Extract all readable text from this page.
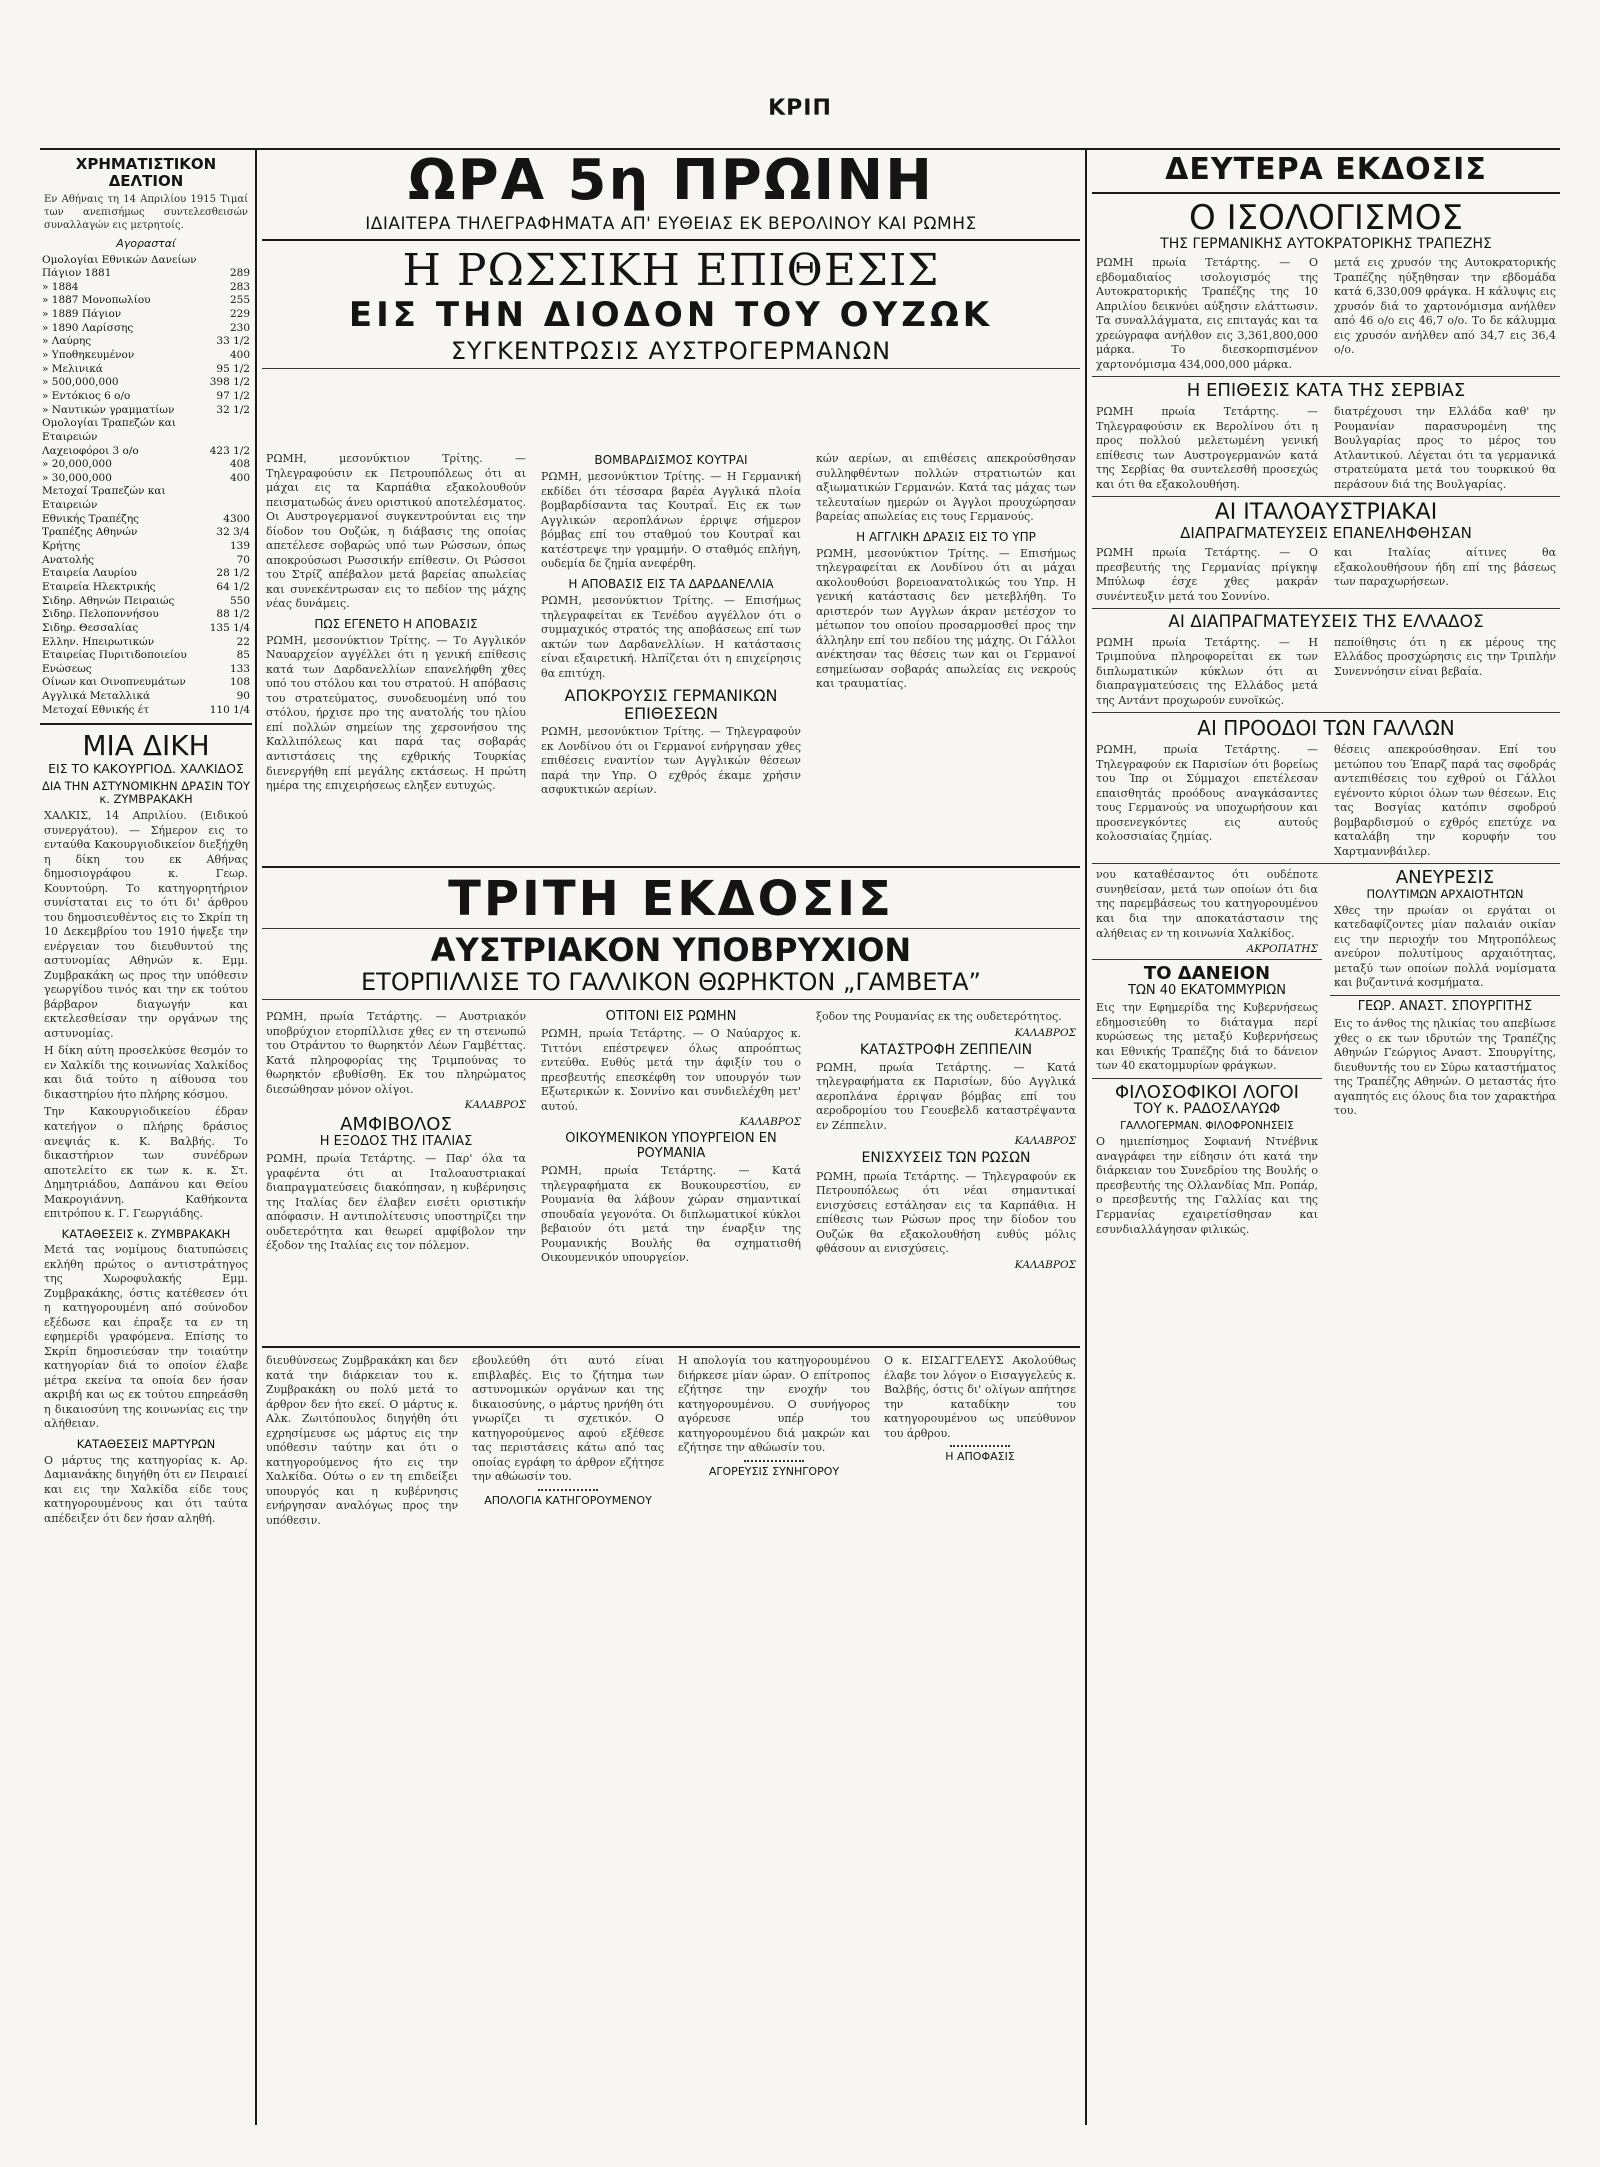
ΚΡΙΠ
ΧΡΗΜΑΤΙΣΤΙΚΟΝ ΔΕΛΤΙΟΝ
Εν Αθήναις τη 14 Απριλίου 1915 Τιμαί των ανεπισήμως συντελεσθεισών συναλλαγών εις μετρητοίς.
Αγορασταί
Ομολογίαι Εθνικών Δανείων	
Πάγιον 1881	289
» 1884	283
» 1887 Μονοπωλίου	255
» 1889 Πάγιον	229
» 1890 Λαρίσσης	230
» Λαύρης	33 1/2
» Υποθηκευμένον	400
» Μελινικά	95 1/2
» 500,000,000	398 1/2
» Εντόκιος 6 ο/ο	97 1/2
» Ναυτικών γραμματίων	32 1/2
Ομολογίαι Τραπεζών και Εταιρειών	
Λαχειοφόροι 3 ο/ο	423 1/2
» 20,000,000	408
» 30,000,000	400
Μετοχαί Τραπεζών και Εταιρειών	
Εθνικής Τραπέζης	4300
Τραπέζης Αθηνών	32 3/4
Κρήτης	139
Ανατολής	70
Εταιρεία Λαυρίου	28 1/2
Εταιρεία Ηλεκτρικής	64 1/2
Σιδηρ. Αθηνών Πειραιώς	550
Σιδηρ. Πελοποννήσου	88 1/2
Σιδηρ. Θεσσαλίας	135 1/4
Ελλην. Ηπειρωτικών	22
Εταιρείας Πυριτιδοποιείου	85
Ενώσεως	133
Οίνων και Οινοπνευμάτων	108
Αγγλικά Μεταλλικά	90
Μετοχαί Εθνικής έτ	110 1/4
ΜΙΑ ΔΙΚΗ
ΕΙΣ ΤΟ ΚΑΚΟΥΡΓΙΟΔ. ΧΑΛΚΙΔΟΣ
ΔΙΑ ΤΗΝ ΑΣΤΥΝΟΜΙΚΗΝ ΔΡΑΣΙΝ ΤΟΥ κ. ΖΥΜΒΡΑΚΑΚΗ
ΧΑΛΚΙΣ, 14 Απριλίου. (Ειδικού συνεργάτου). — Σήμερον εις το ενταύθα Κακουργιοδικείον διεξήχθη η δίκη του εκ Αθήνας δημοσιογράφου κ. Γεωρ. Κουντούρη. Το κατηγορητήριον συνίσταται εις το ότι δι' άρθρου του δημοσιευθέντος εις το Σκρίπ τη 10 Δεκεμβρίου του 1910 ήψεξε την ενέργειαν του διευθυντού της αστυνομίας Αθηνών κ. Εμμ. Ζυμβρακάκη ως προς την υπόθεσιν γεωργίδου τινός και την εκ τούτου βάρβαρον διαγωγήν και εκτελεσθείσαν την οργάνων της αστυνομίας.
Η δίκη αύτη προσελκύσε θεσμόν το εν Χαλκίδι της κοινωνίας Χαλκίδος και διά τούτο η αίθουσα του δικαστηρίου ήτο πλήρης κόσμου.
Την Κακουργιοδικείου έδραν κατεήγον ο πλήρης δράσιος ανεψιάς κ. Κ. Βαλβής. Το δικαστήριον των συνέδρων αποτελείτο εκ των κ. κ. Στ. Δημητριάδου, Δαπάνου και Θείου Μακρογιάννη. Καθήκοντα επιτρόπου κ. Γ. Γεωργιάδης.
ΚΑΤΑΘΕΣΕΙΣ κ. ΖΥΜΒΡΑΚΑΚΗ
Μετά τας νομίμους διατυπώσεις εκλήθη πρώτος ο αντιστράτηγος της Χωροφυλακής Εμμ. Ζυμβρακάκης, όστις κατέθεσεν ότι η κατηγορουμένη από σούνοδον εξέδωσε και έπραξε τα εν τη εφημερίδι γραφόμενα. Επίσης το Σκρίπ δημοσιεύσαν την τοιαύτην κατηγορίαν διά το οποίον έλαβε μέτρα εκείνα τα οποία δεν ήσαν ακριβή και ως εκ τούτου επηρεάσθη η δικαιοσύνη της κοινωνίας εις την αλήθειαν.
ΚΑΤΑΘΕΣΕΙΣ ΜΑΡΤΥΡΩΝ
Ο μάρτυς της κατηγορίας κ. Αρ. Δαμιανάκης διηγήθη ότι εν Πειραιεί και εις την Χαλκίδα είδε τους κατηγορουμένους και ότι ταύτα απέδειξεν ότι δεν ήσαν αληθή.
ΩΡΑ 5η ΠΡΩΙΝΗ
ΙΔΙΑΙΤΕΡΑ ΤΗΛΕΓΡΑΦΗΜΑΤΑ ΑΠ' ΕΥΘΕΙΑΣ ΕΚ ΒΕΡΟΛΙΝΟΥ ΚΑΙ ΡΩΜΗΣ
Η ΡΩΣΣΙΚΗ ΕΠΙΘΕΣΙΣ
ΕΙΣ ΤΗΝ ΔΙΟΔΟΝ ΤΟΥ ΟΥΖΩΚ
ΣΥΓΚΕΝΤΡΩΣΙΣ ΑΥΣΤΡΟΓΕΡΜΑΝΩΝ
ΡΩΜΗ, μεσονύκτιον Τρίτης. — Τηλεγραφούσιν εκ Πετρουπόλεως ότι αι μάχαι εις τα Καρπάθια εξακολουθούν πεισματωδώς άνευ οριστικού αποτελέσματος. Οι Αυστρογερμανοί συγκεντρούνται εις την δίοδον του Ουζώκ, η διάβασις της οποίας απετέλεσε σοβαρώς υπό των Ρώσσων, όπως αποκρούσωσι Ρωσσικήν επίθεσιν. Οι Ρώσσοι του Στρίζ απέβαλον μετά βαρείας απωλείας και συνεκέντρωσαν εις το πεδίον της μάχης νέας δυνάμεις.
ΠΩΣ ΕΓΕΝΕΤΟ Η ΑΠΟΒΑΣΙΣ
ΡΩΜΗ, μεσονύκτιον Τρίτης. — Το Αγγλικόν Ναυαρχείον αγγέλλει ότι η γενική επίθεσις κατά των Δαρδανελλίων επανελήφθη χθες υπό του στόλου και του στρατού. Η απόβασις του στρατεύματος, συνοδευομένη υπό του στόλου, ήρχισε προ της ανατολής του ηλίου επί πολλών σημείων της χερσονήσου της Καλλιπόλεως και παρά τας σοβαράς αντιστάσεις της εχθρικής Τουρκίας διενεργήθη επί μεγάλης εκτάσεως. Η πρώτη ημέρα της επιχειρήσεως εληξεν ευτυχώς.
ΒΟΜΒΑΡΔΙΣΜΟΣ ΚΟΥΤΡΑΙ
ΡΩΜΗ, μεσονύκτιον Τρίτης. — Η Γερμανική εκδίδει ότι τέσσαρα βαρέα Αγγλικά πλοία βομβαρδίσαντα τας Κουτραΐ. Εις εκ των Αγγλικών αεροπλάνων έρριψε σήμερον βόμβας επί του σταθμού του Κουτραΐ και κατέστρεψε την γραμμήν. Ο σταθμός επλήγη, ουδεμία δε ζημία ανεφέρθη.
Η ΑΠΟΒΑΣΙΣ ΕΙΣ ΤΑ ΔΑΡΔΑΝΕΛΛΙΑ
ΡΩΜΗ, μεσονύκτιον Τρίτης. — Επισήμως τηλεγραφείται εκ Τενέδου αγγέλλον ότι ο συμμαχικός στρατός της αποβάσεως επί των ακτών των Δαρδανελλίων. Η κατάστασις είναι εξαιρετική. Ηλπίζεται ότι η επιχείρησις θα επιτύχη.
ΑΠΟΚΡΟΥΣΙΣ ΓΕΡΜΑΝΙΚΩΝ ΕΠΙΘΕΣΕΩΝ
ΡΩΜΗ, μεσονύκτιον Τρίτης. — Τηλεγραφούν εκ Λονδίνου ότι οι Γερμανοί ενήργησαν χθες επιθέσεις εναντίον των Αγγλικών θέσεων παρά την Υπρ. Ο εχθρός έκαμε χρήσιν ασφυκτικών αερίων.
κών αερίων, αι επιθέσεις απεκρούσθησαν συλληφθέντων πολλών στρατιωτών και αξιωματικών Γερμανών. Κατά τας μάχας των τελευταίων ημερών οι Άγγλοι προυχώρησαν βαρείας απωλείας εις τους Γερμανούς.
Η ΑΓΓΛΙΚΗ ΔΡΑΣΙΣ ΕΙΣ ΤΟ ΥΠΡ
ΡΩΜΗ, μεσονύκτιον Τρίτης. — Επισήμως τηλεγραφείται εκ Λονδίνου ότι αι μάχαι ακολουθούσι βορειοανατολικώς του Υπρ. Η γενική κατάστασις δεν μετεβλήθη. Το αριστερόν των Αγγλων άκραν μετέσχον το μέτωπον του οποίου προσαρμοσθεί προς την άλληλην επί του πεδίου της μάχης. Οι Γάλλοι ανέκτησαν τας θέσεις των και οι Γερμανοί εσημείωσαν σοβαράς απωλείας εις νεκρούς και τραυματίας.
ΤΡΙΤΗ ΕΚΔΟΣΙΣ
ΑΥΣΤΡΙΑΚΟΝ ΥΠΟΒΡΥΧΙΟΝ
ΕΤΟΡΠΙΛΛΙΣΕ ΤΟ ΓΑΛΛΙΚΟΝ ΘΩΡΗΚΤΟΝ „ΓΑΜΒΕΤΑ”
ΡΩΜΗ, πρωία Τετάρτης. — Αυστριακόν υποβρύχιον ετορπίλλισε χθες εν τη στενωπώ του Οτράντου το θωρηκτόν Λέων Γαμβέττας. Κατά πληροφορίας της Τριμπούνας το θωρηκτόν εβυθίσθη. Εκ του πληρώματος διεσώθησαν μόνον ολίγοι.
ΚΑΛΑΒΡΟΣ
ΑΜΦΙΒΟΛΟΣ
Η ΕΞΟΔΟΣ ΤΗΣ ΙΤΑΛΙΑΣ
ΡΩΜΗ, πρωία Τετάρτης. — Παρ' όλα τα γραφέντα ότι αι Ιταλοαυστριακαί διαπραγματεύσεις διακόπησαν, η κυβέρνησις της Ιταλίας δεν έλαβεν εισέτι οριστικήν απόφασιν. Η αντιπολίτευσις υποστηρίζει την ουδετερότητα και θεωρεί αμφίβολον την έξοδον της Ιταλίας εις τον πόλεμον.
ΟΤΙΤΟΝΙ ΕΙΣ ΡΩΜΗΝ
ΡΩΜΗ, πρωία Τετάρτης. — Ο Ναύαρχος κ. Τιττόνι επέστρεψεν όλως απροόπτως εντεύθα. Ευθύς μετά την άφιξίν του ο πρεσβευτής επεσκέφθη τον υπουργόν των Εξωτερικών κ. Σοννίνο και συνδιελέχθη μετ' αυτού.
ΚΑΛΑΒΡΟΣ
ΟΙΚΟΥΜΕΝΙΚΟΝ ΥΠΟΥΡΓΕΙΟΝ ΕΝ ΡΟΥΜΑΝΙΑ
ΡΩΜΗ, πρωία Τετάρτης. — Κατά τηλεγραφήματα εκ Βουκουρεστίου, εν Ρουμανία θα λάβουν χώραν σημαντικαί σπουδαία γεγονότα. Οι διπλωματικοί κύκλοι βεβαιούν ότι μετά την έναρξιν της Ρουμανικής Βουλής θα σχηματισθή Οικουμενικόν υπουργείον.
ξοδον της Ρουμανίας εκ της ουδετερότητος.
ΚΑΛΑΒΡΟΣ
ΚΑΤΑΣΤΡΟΦΗ ΖΕΠΠΕΛΙΝ
ΡΩΜΗ, πρωία Τετάρτης. — Κατά τηλεγραφήματα εκ Παρισίων, δύο Αγγλικά αεροπλάνα έρριψαν βόμβας επί του αεροδρομίου του Γεουεβελδ καταστρέψαντα εν Ζέππελιν.
ΚΑΛΑΒΡΟΣ
ΕΝΙΣΧΥΣΕΙΣ ΤΩΝ ΡΩΣΩΝ
ΡΩΜΗ, πρωία Τετάρτης. — Τηλεγραφούν εκ Πετρουπόλεως ότι νέαι σημαντικαί ενισχύσεις εστάλησαν εις τα Καρπάθια. Η επίθεσις των Ρώσων προς την δίοδον του Ουζώκ θα εξακολουθήση ευθύς μόλις φθάσουν αι ενισχύσεις.
ΚΑΛΑΒΡΟΣ
διευθύνσεως Ζυμβρακάκη και δεν κατά την διάρκειαν του κ. Ζυμβρακάκη ου πολύ μετά το άρθρον δεν ήτο εκεί. Ο μάρτυς κ. Αλκ. Ζωιτόπουλος διηγήθη ότι εχρησίμευσε ως μάρτυς εις την υπόθεσιν ταύτην και ότι ο κατηγορούμενος ήτο εις την Χαλκίδα. Ούτω ο εν τη επιδείξει υπουργός και η κυβέρνησις ενήργησαν αναλόγως προς την υπόθεσιν.
εβουλεύθη ότι αυτό είναι επιβλαβές. Εις το ζήτημα των αστυνομικών οργάνων και της δικαιοσύνης, ο μάρτυς ηρνήθη ότι γνωρίζει τι σχετικόν. Ο κατηγορούμενος αφού εξέθεσε τας περιστάσεις κάτω από τας οποίας εγράφη το άρθρον εζήτησε την αθώωσίν του.
ΑΠΟΛΟΓΙΑ ΚΑΤΗΓΟΡΟΥΜΕΝΟΥ
Η απολογία του κατηγορουμένου διήρκεσε μίαν ώραν. Ο επίτροπος εζήτησε την ενοχήν του κατηγορουμένου. Ο συνήγορος αγόρευσε υπέρ του κατηγορουμένου διά μακρών και εζήτησε την αθώωσίν του.
ΑΓΟΡΕΥΣΙΣ ΣΥΝΗΓΟΡΟΥ
Ο κ. ΕΙΣΑΓΓΕΛΕΥΣ Ακολούθως έλαβε τον λόγον ο Εισαγγελεύς κ. Βαλβής, όστις δι' ολίγων απήτησε την καταδίκην του κατηγορουμένου ως υπεύθυνον του άρθρου.
Η ΑΠΟΦΑΣΙΣ
ΔΕΥΤΕΡΑ ΕΚΔΟΣΙΣ
Ο ΙΣΟΛΟΓΙΣΜΟΣ
ΤΗΣ ΓΕΡΜΑΝΙΚΗΣ ΑΥΤΟΚΡΑΤΟΡΙΚΗΣ ΤΡΑΠΕΖΗΣ
ΡΩΜΗ πρωία Τετάρτης. — Ο εβδομαδιαίος ισολογισμός της Αυτοκρατορικής Τραπέζης της 10 Απριλίου δεικνύει αύξησιν ελάττωσιν. Τα συναλλάγματα, εις επιταγάς και τα χρεώγραφα ανήλθον εις 3,361,800,000 μάρκα. Το διεσκορπισμένον χαρτονόμισμα 434,000,000 μάρκα.
μετά εις χρυσόν της Αυτοκρατορικής Τραπέζης ηύξηθησαν την εβδομάδα κατά 6,330,009 φράγκα. Η κάλυψις εις χρυσόν διά το χαρτονόμισμα ανήλθεν από 46 ο/ο εις 46,7 ο/ο. Το δε κάλυμμα εις χρυσόν ανήλθεν από 34,7 εις 36,4 ο/ο.
Η ΕΠΙΘΕΣΙΣ ΚΑΤΑ ΤΗΣ ΣΕΡΒΙΑΣ
ΡΩΜΗ πρωία Τετάρτης. — Τηλεγραφούσιν εκ Βερολίνου ότι η προς πολλού μελετωμένη γενική επίθεσις των Αυστρογερμανών κατά της Σερβίας θα συντελεσθή προσεχώς και ότι θα εξακολουθήση.
διατρέχουσι την Ελλάδα καθ' ην Ρουμανίαν παρασυρομένη της Βουλγαρίας προς το μέρος του Ατλαντικού. Λέγεται ότι τα γερμανικά στρατεύματα μετά του τουρκικού θα περάσουν διά της Βουλγαρίας.
ΑΙ ΙΤΑΛΟΑΥΣΤΡΙΑΚΑΙ
ΔΙΑΠΡΑΓΜΑΤΕΥΣΕΙΣ ΕΠΑΝΕΛΗΦΘΗΣΑΝ
ΡΩΜΗ πρωία Τετάρτης. — Ο πρεσβευτής της Γερμανίας πρίγκηψ Μπύλωφ έσχε χθες μακράν συνέντευξιν μετά του Σοννίνο.
και Ιταλίας αίτινες θα εξακολουθήσουν ήδη επί της βάσεως των παραχωρήσεων.
ΑΙ ΔΙΑΠΡΑΓΜΑΤΕΥΣΕΙΣ ΤΗΣ ΕΛΛΑΔΟΣ
ΡΩΜΗ πρωία Τετάρτης. — Η Τριμπούνα πληροφορείται εκ των διπλωματικών κύκλων ότι αι διαπραγματεύσεις της Ελλάδος μετά της Αντάντ προχωρούν ευνοϊκώς.
πεποίθησις ότι η εκ μέρους της Ελλάδος προσχώρησις εις την Τριπλήν Συνεννόησιν είναι βεβαία.
ΑΙ ΠΡΟΟΔΟΙ ΤΩΝ ΓΑΛΛΩΝ
ΡΩΜΗ, πρωία Τετάρτης. — Τηλεγραφούν εκ Παρισίων ότι βορείως του Ίπρ οι Σύμμαχοι επετέλεσαν επαισθητάς προόδους αναγκάσαντες τους Γερμανούς να υποχωρήσουν και προσενεγκόντες εις αυτούς κολοσσιαίας ζημίας.
θέσεις απεκρούσθησαν. Επί του μετώπου του Έπαρζ παρά τας σφοδράς αντεπιθέσεις του εχθρού οι Γάλλοι εγένοντο κύριοι όλων των θέσεων. Εις τας Βοσγίας κατόπιν σφοδρού βομβαρδισμού ο εχθρός επετύχε να καταλάβη την κορυφήν του Χαρτμαννβάιλερ.
νου καταθέσαντος ότι ουδέποτε συνηθείσαν, μετά των οποίων ότι δια της παρεμβάσεως του κατηγορουμένου και δια την αποκατάστασιν της αλήθειας εν τη κοινωνία Χαλκίδος.
ΑΚΡΟΠΑΤΗΣ
ΤΟ ΔΑΝΕΙΟΝ
ΤΩΝ 40 ΕΚΑΤΟΜΜΥΡΙΩΝ
Εις την Εφημερίδα της Κυβερνήσεως εδημοσιεύθη το διάταγμα περί κυρώσεως της μεταξύ Κυβερνήσεως και Εθνικής Τραπέζης διά το δάνειον των 40 εκατομμυρίων φράγκων.
ΦΙΛΟΣΟΦΙΚΟΙ ΛΟΓΟΙ
ΤΟΥ κ. ΡΑΔΟΣΛΑΥΩΦ
ΓΑΛΛΟΓΕΡΜΑΝ. ΦΙΛΟΦΡΟΝΗΣΕΙΣ
Ο ημιεπίσημος Σοφιανή Ντνέβνικ αναγράφει την είδησιν ότι κατά την διάρκειαν του Συνεδρίου της Βουλής ο πρεσβευτής της Ολλανδίας Μπ. Ροπάρ, ο πρεσβευτής της Γαλλίας και της Γερμανίας εχαιρετίσθησαν και εσυνδιαλλάγησαν φιλικώς.
ΑΝΕΥΡΕΣΙΣ
ΠΟΛΥΤΙΜΩΝ ΑΡΧΑΙΟΤΗΤΩΝ
Χθες την πρωίαν οι εργάται οι κατεδαφίζοντες μίαν παλαιάν οικίαν εις την περιοχήν του Μητροπόλεως ανεύρον πολυτίμους αρχαιότητας, μεταξύ των οποίων πολλά νομίσματα και βυζαντινά κοσμήματα.
ΓΕΩΡ. ΑΝΑΣΤ. ΣΠΟΥΡΓΙΤΗΣ
Εις το άνθος της ηλικίας του απεβίωσε χθες ο εκ των ιδρυτών της Τραπέζης Αθηνών Γεώργιος Αναστ. Σπουργίτης, διευθυντής του εν Σύρω καταστήματος της Τραπέζης Αθηνών. Ο μεταστάς ήτο αγαπητός εις όλους δια τον χαρακτήρα του.
